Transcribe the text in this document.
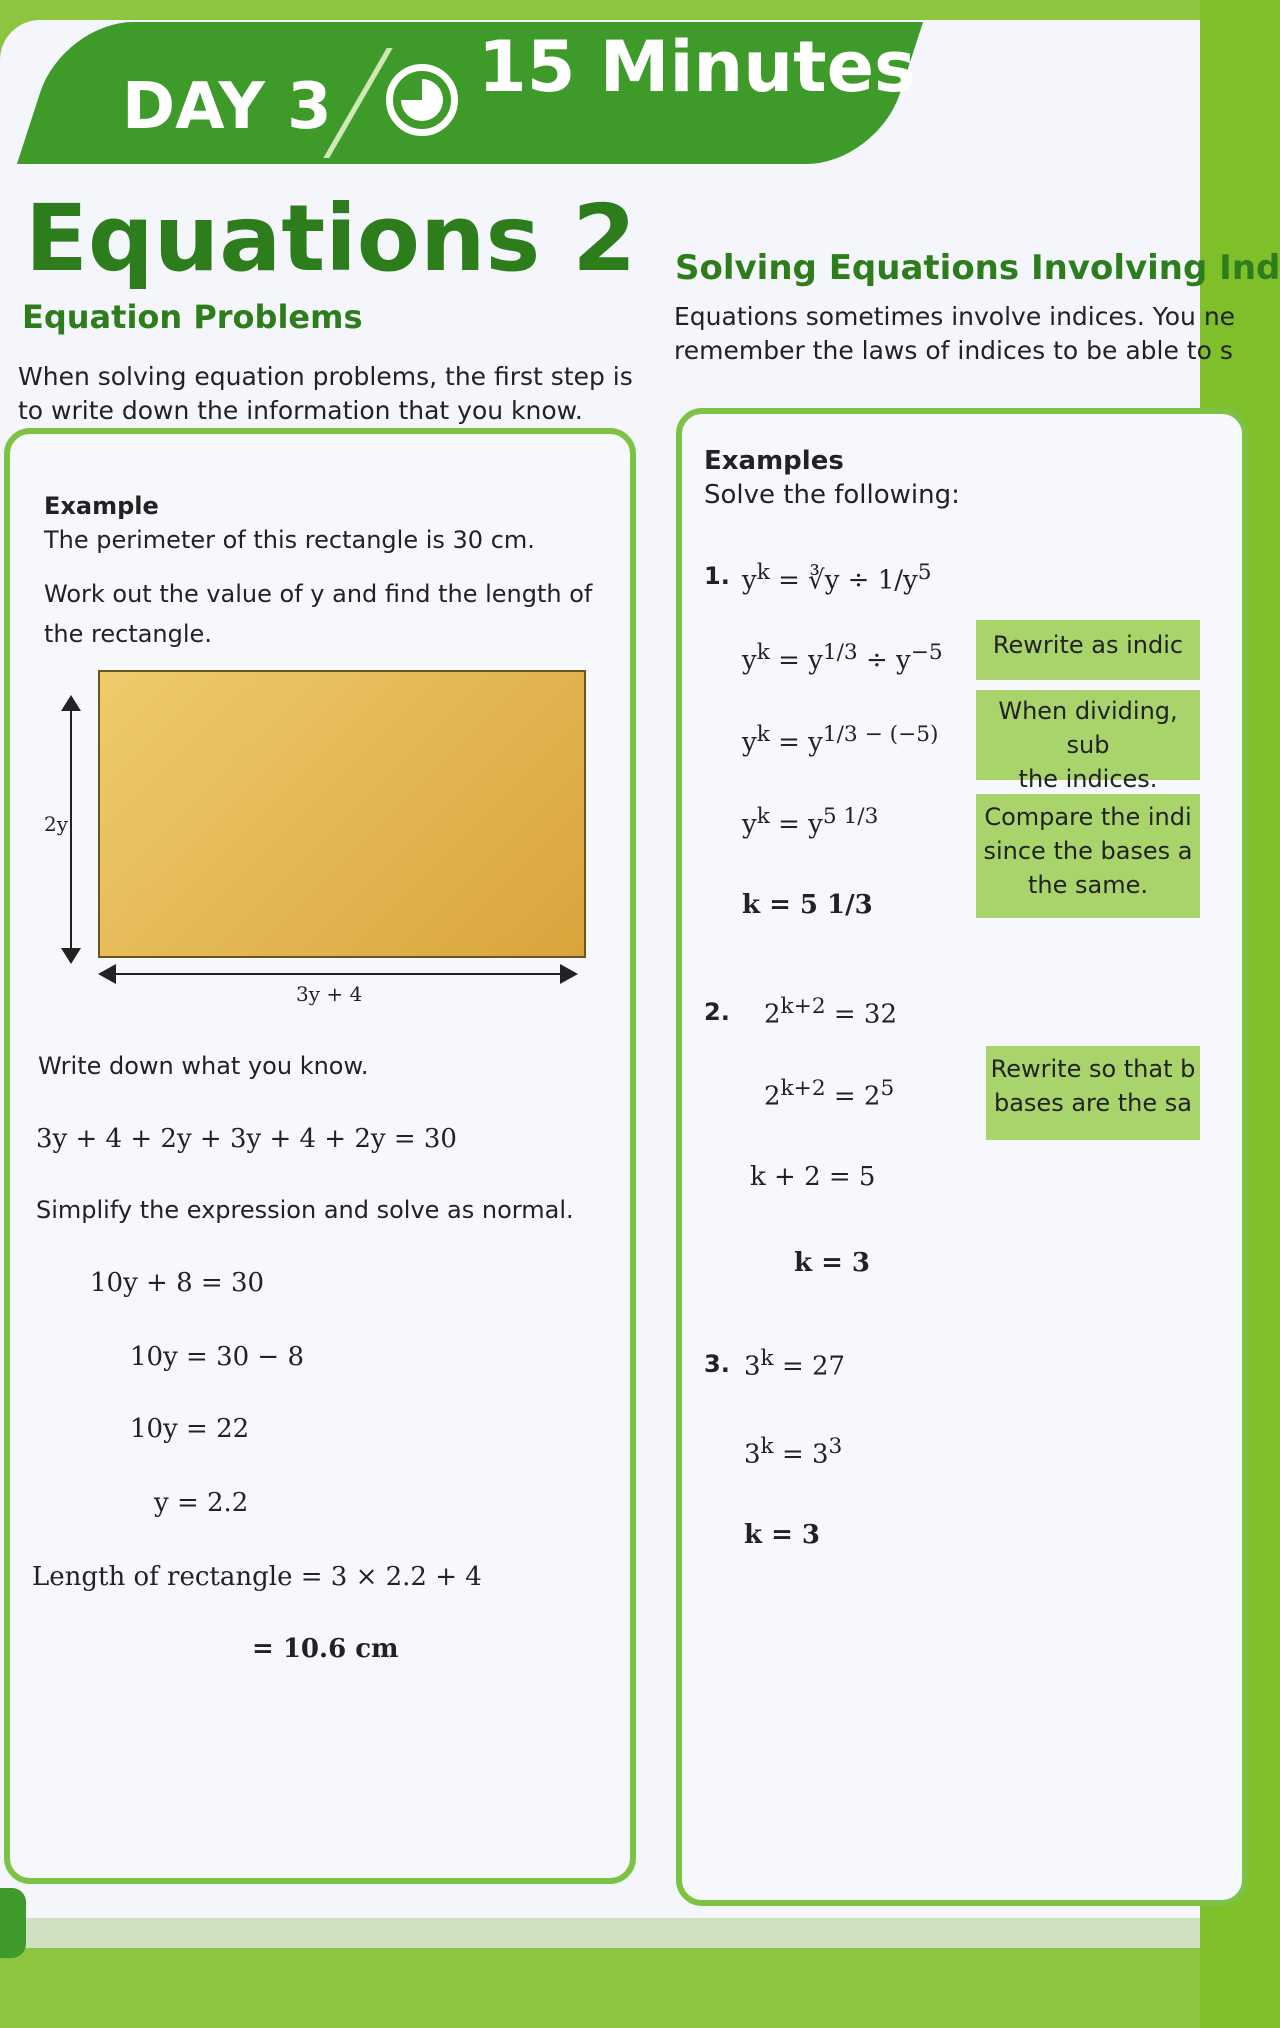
DAY 3 15 Minutes
Equations 2
Equation Problems
When solving equation problems, the first step is to write down the information that you know.
Solving Equations Involving Ind
Equations sometimes involve indices. You ne
remember the laws of indices to be able to s
Example
The perimeter of this rectangle is 30 cm.
Work out the value of y and find the length of
the rectangle.
2y
3y + 4
Write down what you know.
3y + 4 + 2y + 3y + 4 + 2y = 30
Simplify the expression and solve as normal.
10y + 8 = 30
10y = 30 − 8
10y = 22
y = 2.2
Length of rectangle = 3 × 2.2 + 4
= 10.6 cm
Examples
Solve the following:
1. $y^k$ = ∛y ÷ $1/y^5$
$y^k = y^{1/3} \div y^{-5}$
$y^k = y^{1/3 - (-5)}$
$y^k = y^{5 1/3}$
k = 5 1/3
2. $2^{k+2} = 32$
$2^{k+2} = 2^5$
k + 2 = 5
k = 3
3. $3^k = 27$
$3^k = 3^3$
k = 3
Rewrite as indic
When dividing, sub
the indices.
Compare the indi
since the bases a
the same.
Rewrite so that b
bases are the sa
